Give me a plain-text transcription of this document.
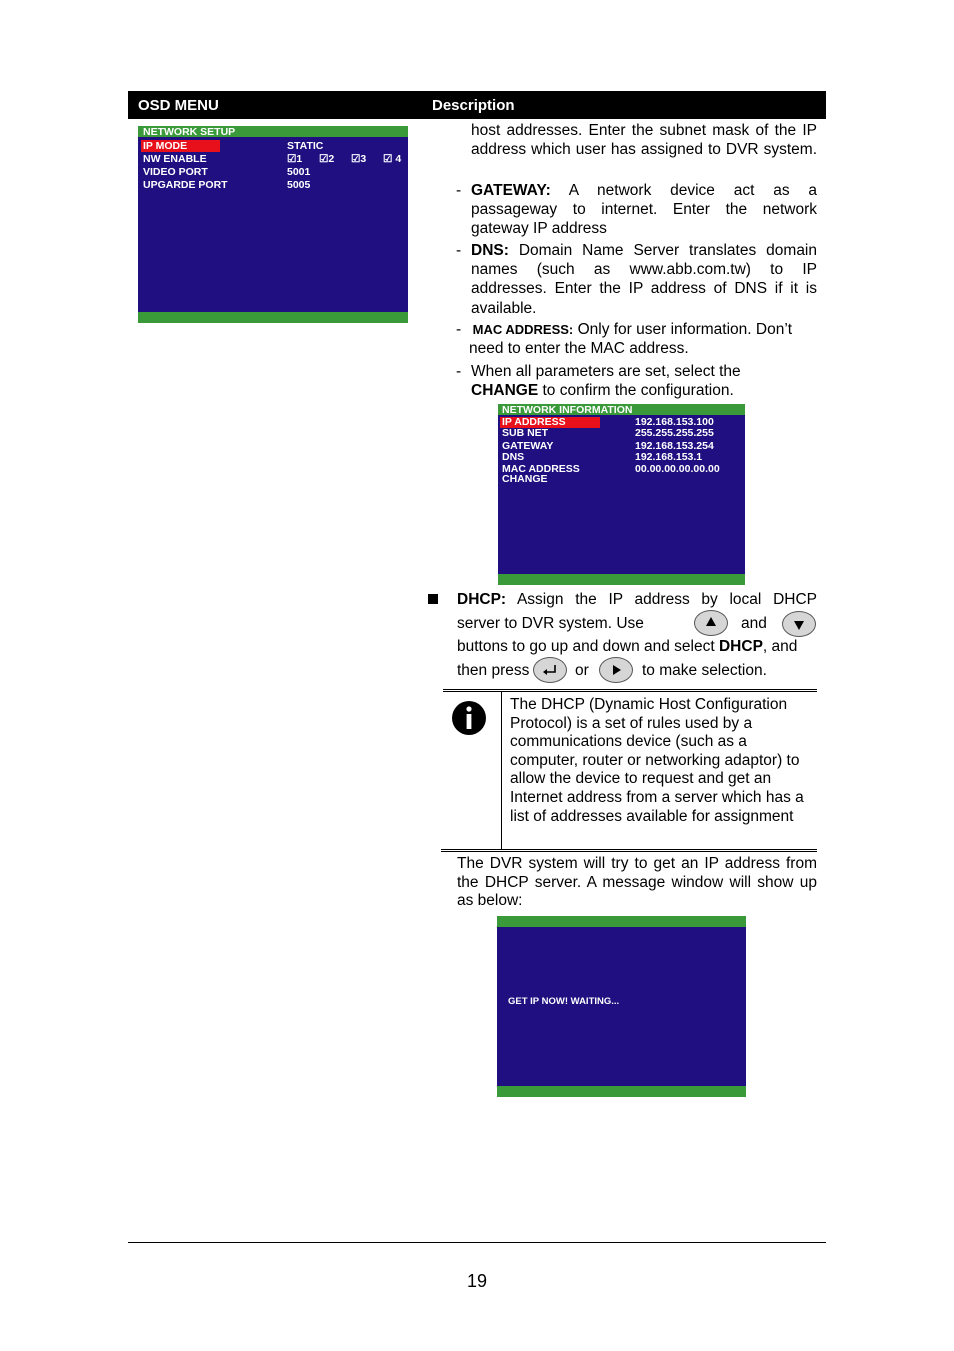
OSD MENU	Description
NETWORK SETUP
IP MODE	STATIC
NW ENABLE	☑1 ☑2 ☑3 ☑ 4
VIDEO PORT	5001
UPGARDE PORT	5005
host addresses. Enter the subnet mask of the IP address which user has assigned to DVR system.
- GATEWAY: A network device act as a passageway to internet. Enter the network gateway IP address
- DNS: Domain Name Server translates domain names (such as www.abb.com.tw) to IP addresses. Enter the IP address of DNS if it is available.
- MAC ADDRESS: Only for user information. Don’t need to enter the MAC address.
- When all parameters are set, select the
CHANGE to confirm the configuration.
NETWORK INFORMATION
IP ADDRESS	192.168.153.100
SUB NET	255.255.255.255
GATEWAY	192.168.153.254
DNS	192.168.153.1
MAC ADDRESS	00.00.00.00.00.00
CHANGE
DHCP: Assign the IP address by local DHCP
server to DVR system. Use	and
buttons to go up and down and select DHCP, and
then press	or	to make selection.
The DHCP (Dynamic Host Configuration Protocol) is a set of rules used by a communications device (such as a computer, router or networking adaptor) to allow the device to request and get an Internet address from a server which has a list of addresses available for assignment
The DVR system will try to get an IP address from the DHCP server. A message window will show up as below:
GET IP NOW! WAITING...
19
